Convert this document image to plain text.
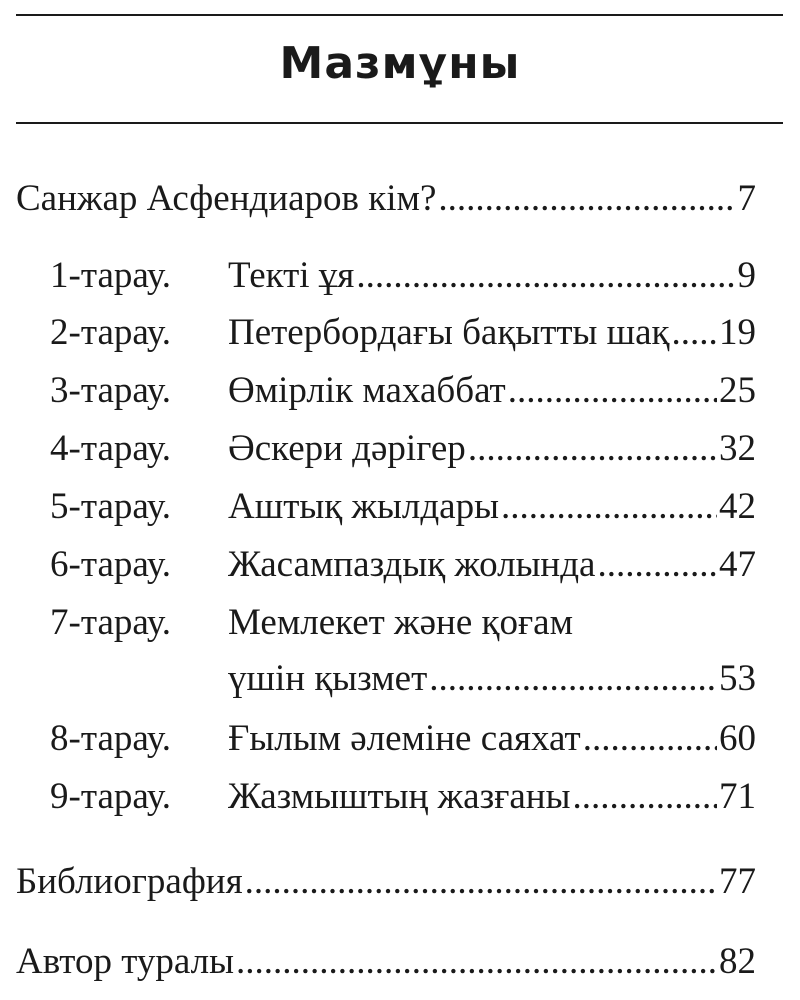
Мазмұны
Санжар Асфендиаров кім? .....	7
1-тарау.	Текті ұя .....	9
2-тарау.	Петербордағы бақытты шақ ..... 19
3-тарау.	Өмірлік махаббат .....	25
4-тарау.	Әскери дәрігер .....	32
5-тарау.	Аштық жылдары .....	42
6-тарау.	Жасампаздық жолында .....	47
7-тарау.	Мемлекет және қоғам
үшін қызмет .....	53
8-тарау.	Ғылым әлеміне саяхат .....	60
9-тарау.	Жазмыштың жазғаны .....	71
Библиография .....	77
Автор туралы .....	82
